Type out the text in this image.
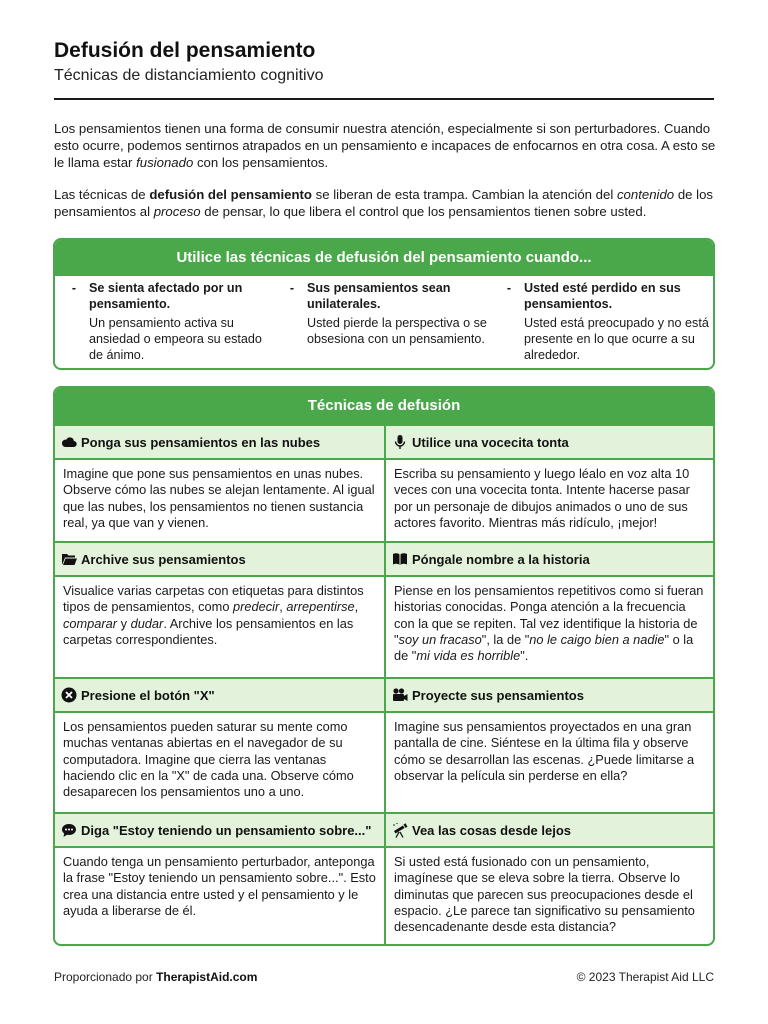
Defusión del pensamiento
Técnicas de distanciamiento cognitivo

Los pensamientos tienen una forma de consumir nuestra atención, especialmente si son perturbadores. Cuando esto ocurre, podemos sentirnos atrapados en un pensamiento e incapaces de enfocarnos en otra cosa. A esto se le llama estar fusionado con los pensamientos.

Las técnicas de defusión del pensamiento se liberan de esta trampa. Cambian la atención del contenido de los pensamientos al proceso de pensar, lo que libera el control que los pensamientos tienen sobre usted.

Utilice las técnicas de defusión del pensamiento cuando...
-	Se sienta afectado por un pensamiento.
Un pensamiento activa su ansiedad o empeora su estado de ánimo.
-	Sus pensamientos sean unilaterales.
Usted pierde la perspectiva o se obsesiona con un pensamiento.
-	Usted esté perdido en sus pensamientos.
Usted está preocupado y no está presente en lo que ocurre a su alrededor.
Técnicas de defusión
Ponga sus pensamientos en las nubes
Imagine que pone sus pensamientos en unas nubes. Observe cómo las nubes se alejan lentamente. Al igual que las nubes, los pensamientos no tienen sustancia real, ya que van y vienen.
Utilice una vocecita tonta
Escriba su pensamiento y luego léalo en voz alta 10 veces con una vocecita tonta. Intente hacerse pasar por un personaje de dibujos animados o uno de sus actores favorito. Mientras más ridículo, ¡mejor!
Archive sus pensamientos
Visualice varias carpetas con etiquetas para distintos tipos de pensamientos, como predecir, arrepentirse, comparar y dudar. Archive los pensamientos en las carpetas correspondientes.
Póngale nombre a la historia
Piense en los pensamientos repetitivos como si fueran historias conocidas. Ponga atención a la frecuencia con la que se repiten. Tal vez identifique la historia de "soy un fracaso", la de "no le caigo bien a nadie" o la de "mi vida es horrible".
Presione el botón "X"
Los pensamientos pueden saturar su mente como muchas ventanas abiertas en el navegador de su computadora. Imagine que cierra las ventanas haciendo clic en la "X" de cada una. Observe cómo desaparecen los pensamientos uno a uno.
Proyecte sus pensamientos
Imagine sus pensamientos proyectados en una gran pantalla de cine. Siéntese en la última fila y observe cómo se desarrollan las escenas. ¿Puede limitarse a observar la película sin perderse en ella?
Diga "Estoy teniendo un pensamiento sobre..."
Cuando tenga un pensamiento perturbador, anteponga la frase "Estoy teniendo un pensamiento sobre...". Esto crea una distancia entre usted y el pensamiento y le ayuda a liberarse de él.
Vea las cosas desde lejos
Si usted está fusionado con un pensamiento, imagínese que se eleva sobre la tierra. Observe lo diminutas que parecen sus preocupaciones desde el espacio. ¿Le parece tan significativo su pensamiento desencadenante desde esta distancia?
Proporcionado por TherapistAid.com	© 2023 Therapist Aid LLC
